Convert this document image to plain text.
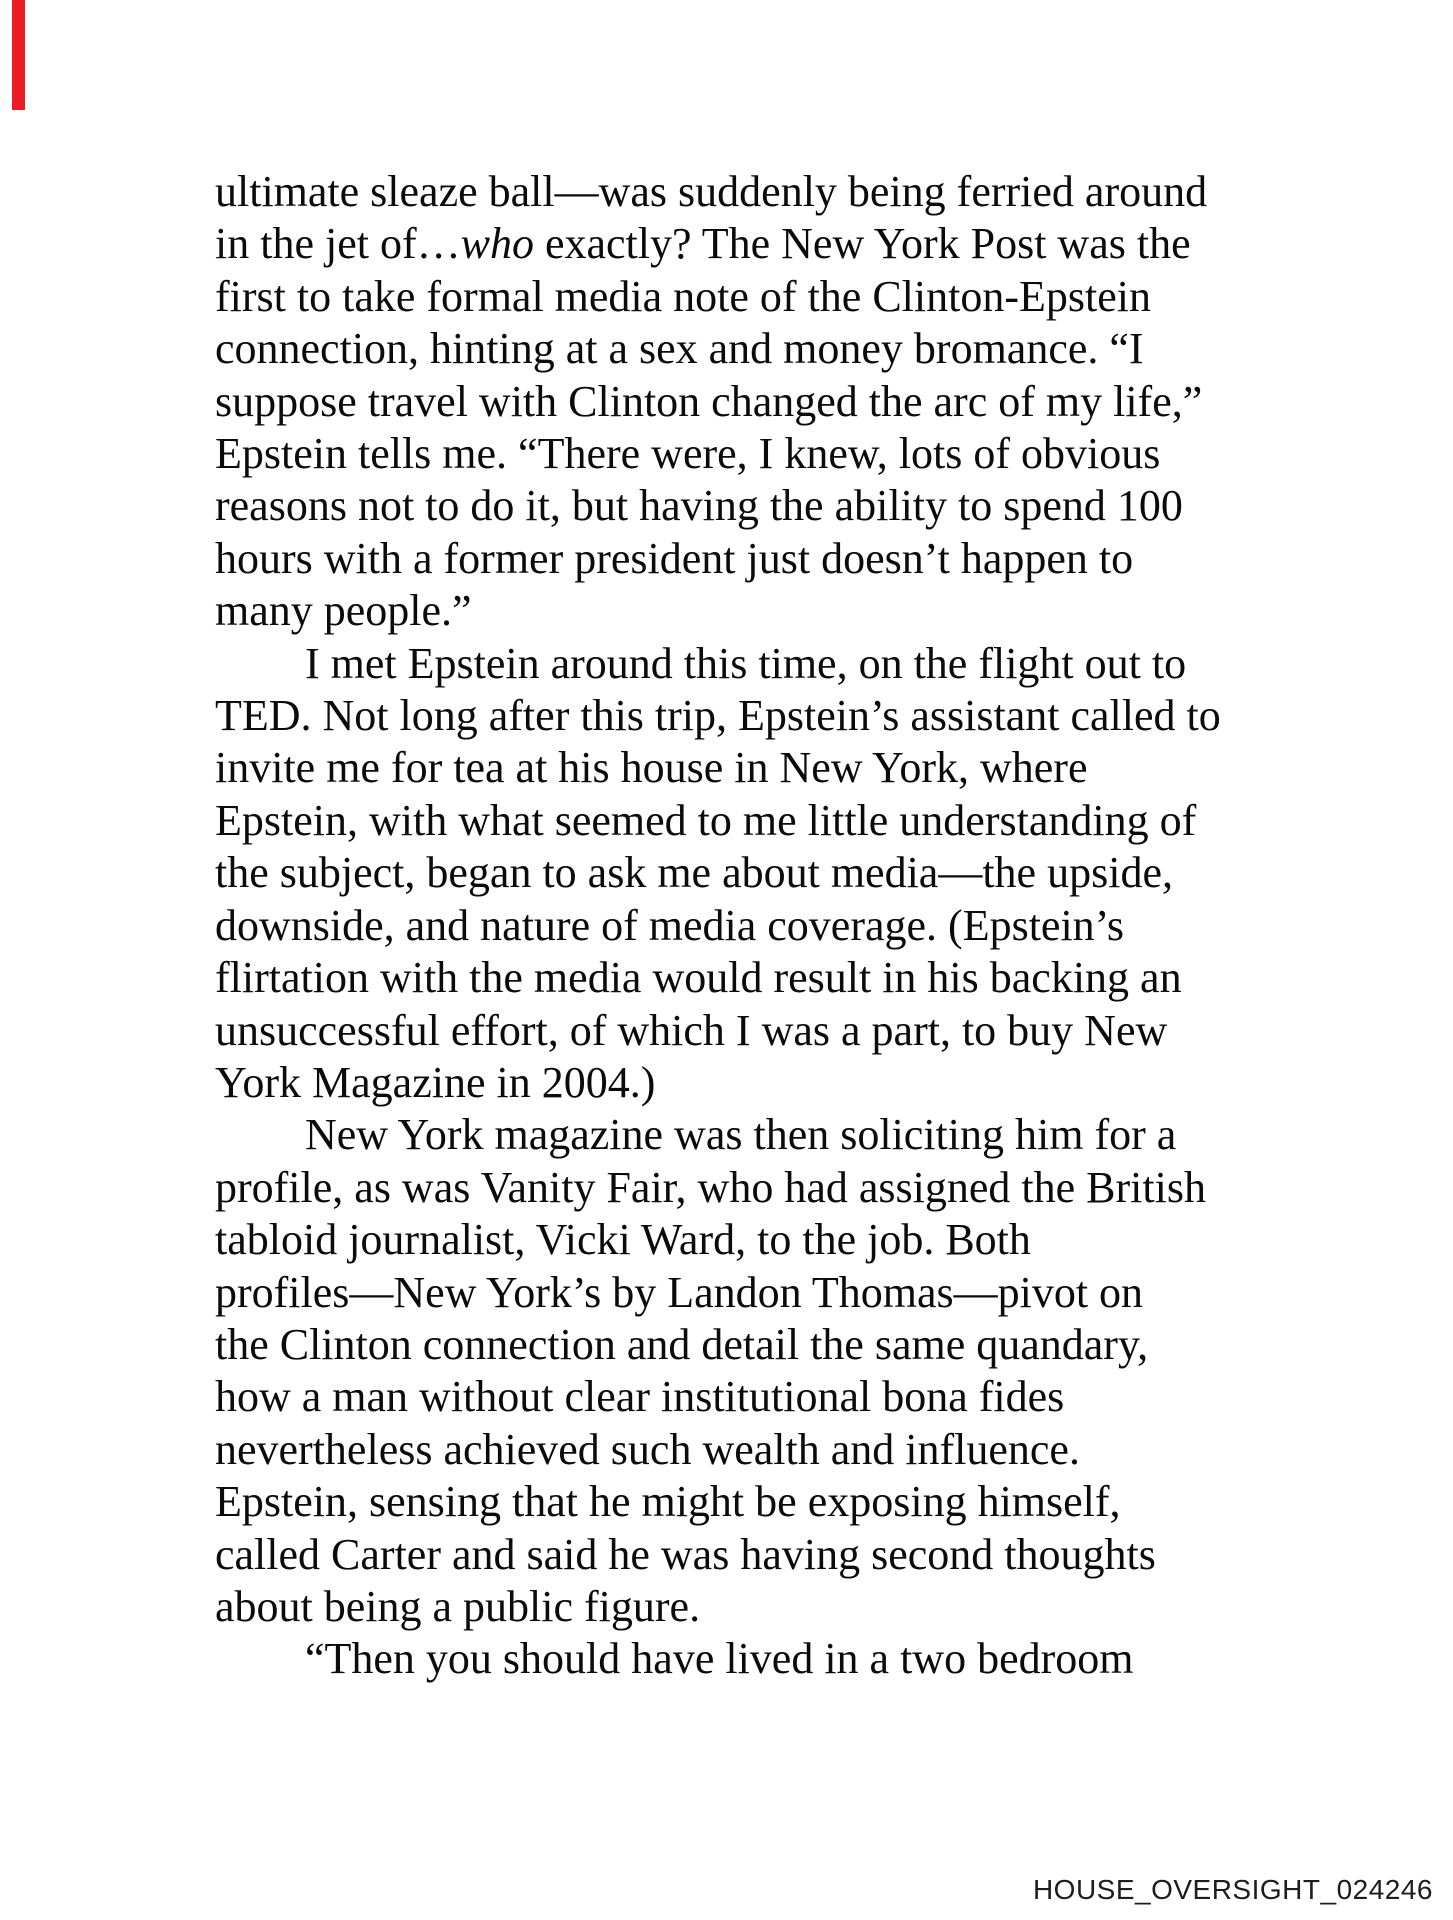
ultimate sleaze ball—was suddenly being ferried around
in the jet of…who exactly? The New York Post was the
first to take formal media note of the Clinton-Epstein
connection, hinting at a sex and money bromance. “I
suppose travel with Clinton changed the arc of my life,”
Epstein tells me. “There were, I knew, lots of obvious
reasons not to do it, but having the ability to spend 100
hours with a former president just doesn’t happen to
many people.”
I met Epstein around this time, on the flight out to
TED. Not long after this trip, Epstein’s assistant called to
invite me for tea at his house in New York, where
Epstein, with what seemed to me little understanding of
the subject, began to ask me about media—the upside,
downside, and nature of media coverage. (Epstein’s
flirtation with the media would result in his backing an
unsuccessful effort, of which I was a part, to buy New
York Magazine in 2004.)
New York magazine was then soliciting him for a
profile, as was Vanity Fair, who had assigned the British
tabloid journalist, Vicki Ward, to the job. Both
profiles—New York’s by Landon Thomas—pivot on
the Clinton connection and detail the same quandary,
how a man without clear institutional bona fides
nevertheless achieved such wealth and influence.
Epstein, sensing that he might be exposing himself,
called Carter and said he was having second thoughts
about being a public figure.
“Then you should have lived in a two bedroom
HOUSE_OVERSIGHT_024246
